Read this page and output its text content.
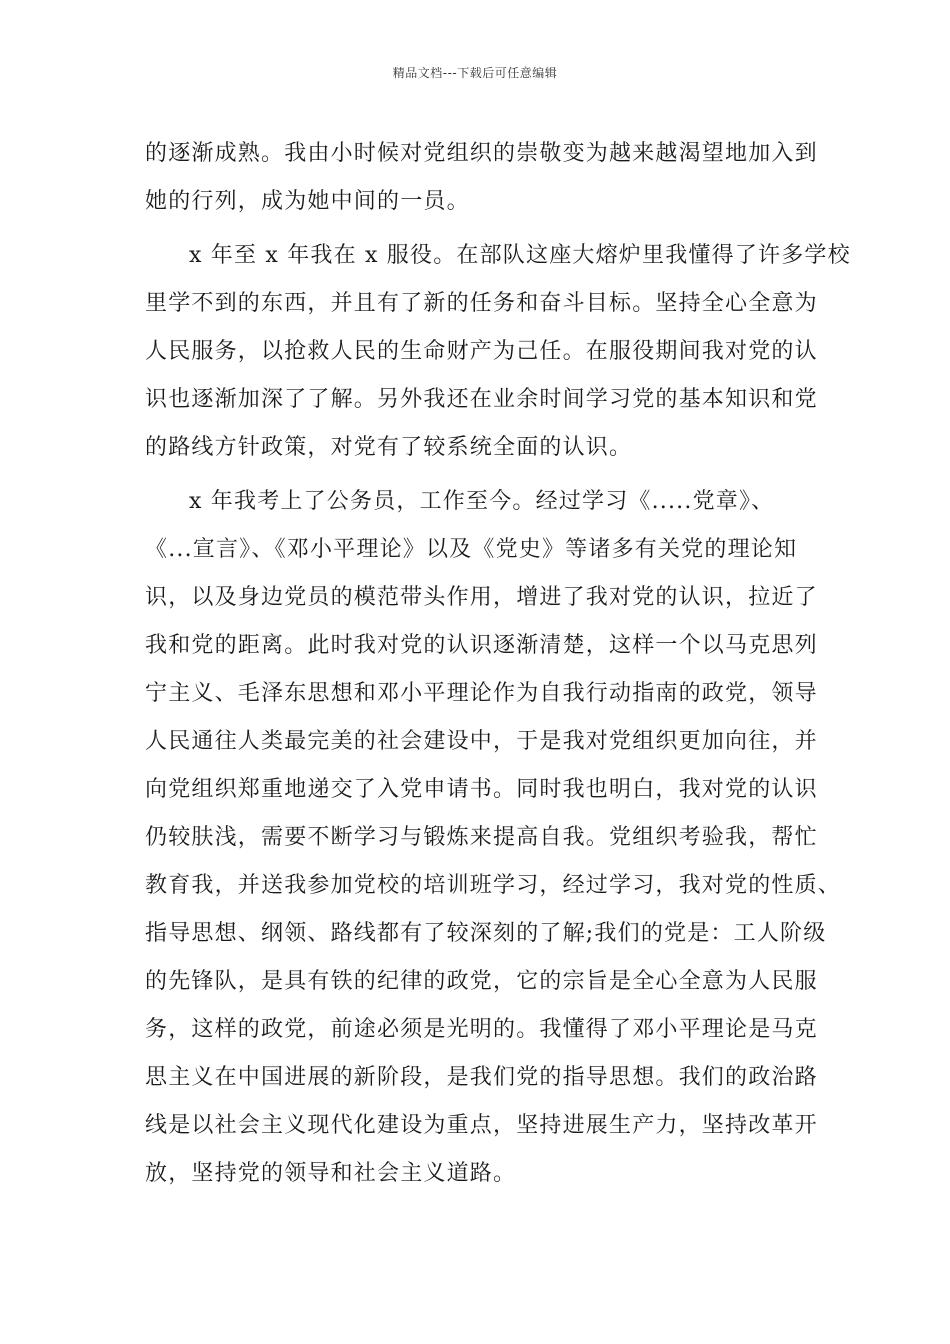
精品文档---下载后可任意编辑
的逐渐成熟。我由小时候对党组织的崇敬变为越来越渴望地加入到
她的行列，成为她中间的一员。
x 年至 x 年我在 x 服役。在部队这座大熔炉里我懂得了许多学校
里学不到的东西，并且有了新的任务和奋斗目标。坚持全心全意为
人民服务，以抢救人民的生命财产为己任。在服役期间我对党的认
识也逐渐加深了了解。另外我还在业余时间学习党的基本知识和党
的路线方针政策，对党有了较系统全面的认识。
x 年我考上了公务员，工作至今。经过学习《.....党章》、
《...宣言》、《邓小平理论》以及《党史》等诸多有关党的理论知
识，以及身边党员的模范带头作用，增进了我对党的认识，拉近了
我和党的距离。此时我对党的认识逐渐清楚，这样一个以马克思列
宁主义、毛泽东思想和邓小平理论作为自我行动指南的政党，领导
人民通往人类最完美的社会建设中，于是我对党组织更加向往，并
向党组织郑重地递交了入党申请书。同时我也明白，我对党的认识
仍较肤浅，需要不断学习与锻炼来提高自我。党组织考验我，帮忙
教育我，并送我参加党校的培训班学习，经过学习，我对党的性质、
指导思想、纲领、路线都有了较深刻的了解;我们的党是：工人阶级
的先锋队，是具有铁的纪律的政党，它的宗旨是全心全意为人民服
务，这样的政党，前途必须是光明的。我懂得了邓小平理论是马克
思主义在中国进展的新阶段，是我们党的指导思想。我们的政治路
线是以社会主义现代化建设为重点，坚持进展生产力，坚持改革开
放，坚持党的领导和社会主义道路。
